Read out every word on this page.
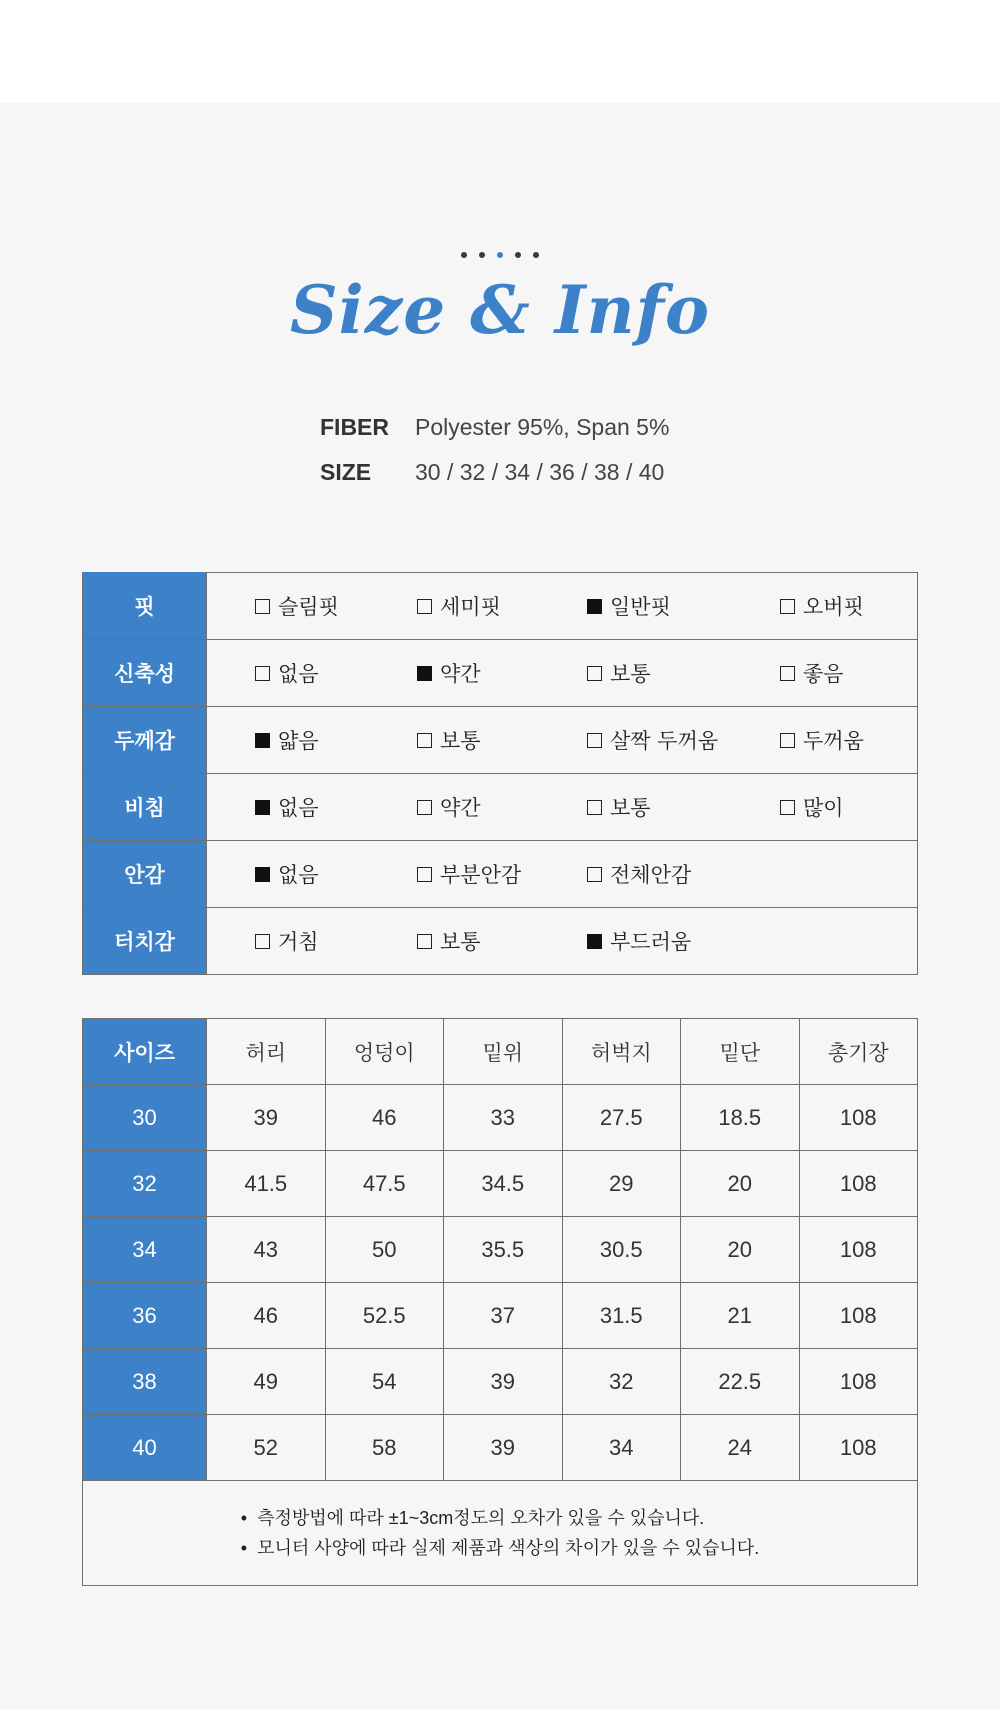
Size & Info
FIBER	Polyester 95%, Span 5%
SIZE	30 / 32 / 34 / 36 / 38 / 40
핏	슬림핏 세미핏 일반핏 오버핏

신축성	없음 약간 보통 좋음

두께감	얇음 보통 살짝 두꺼움 두꺼움

비침	없음 약간 보통 많이

안감	없음 부분안감 전체안감

터치감	거침 보통 부드러움
사이즈	허리	엉덩이	밑위	허벅지	밑단	총기장
30	39	46	33	27.5	18.5	108
32	41.5	47.5	34.5	29	20	108
34	43	50	35.5	30.5	20	108
36	46	52.5	37	31.5	21	108
38	49	54	39	32	22.5	108
40	52	58	39	34	24	108

• 측정방법에 따라 ±1~3cm정도의 오차가 있을 수 있습니다.
• 모니터 사양에 따라 실제 제품과 색상의 차이가 있을 수 있습니다.
